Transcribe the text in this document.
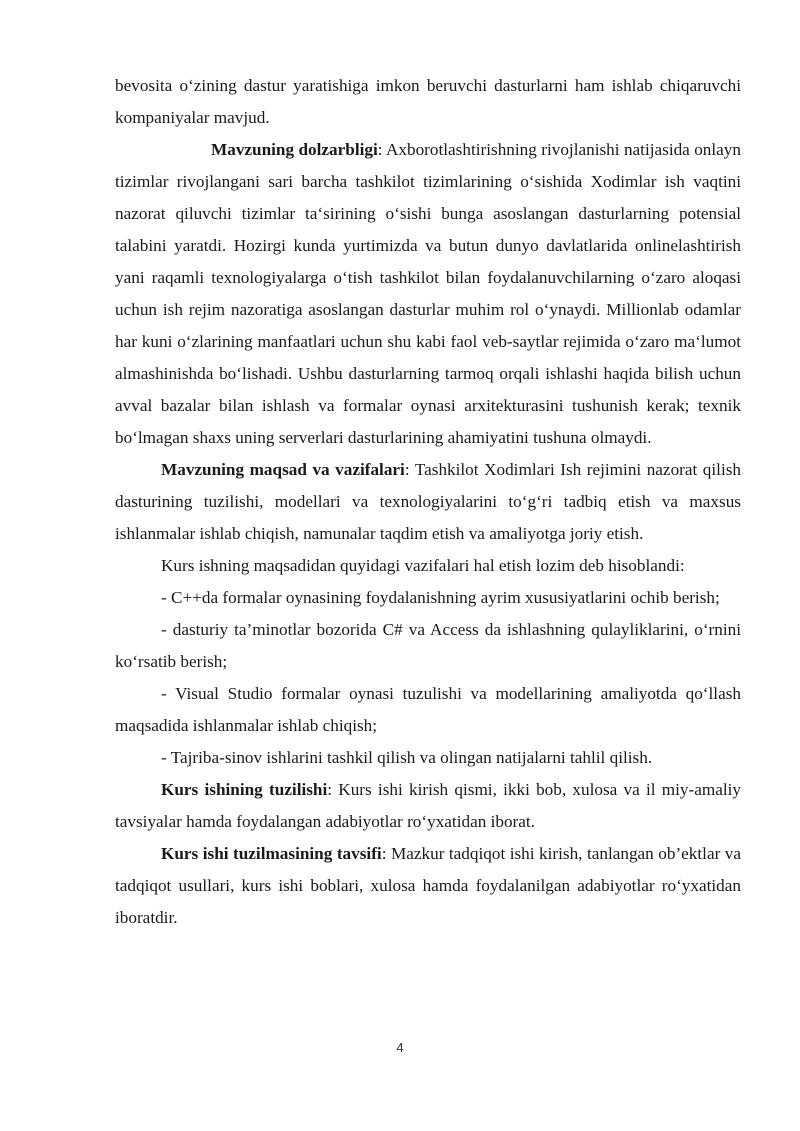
bevosita o‘zining dastur yaratishiga imkon beruvchi dasturlarni ham ishlab chiqaruvchi kompaniyalar mavjud.

Mavzuning dolzarbligi: Axborotlashtirishning rivojlanishi natijasida onlayn tizimlar rivojlangani sari barcha tashkilot tizimlarining o‘sishida Xodimlar ish vaqtini nazorat qiluvchi tizimlar ta‘sirining o‘sishi bunga asoslangan dasturlarning potensial talabini yaratdi. Hozirgi kunda yurtimizda va butun dunyo davlatlarida onlinelashtirish yani raqamli texnologiyalarga o‘tish tashkilot bilan foydalanuvchilarning o‘zaro aloqasi uchun ish rejim nazoratiga asoslangan dasturlar muhim rol o‘ynaydi. Millionlab odamlar har kuni o‘zlarining manfaatlari uchun shu kabi faol veb-saytlar rejimida o‘zaro ma‘lumot almashinishda bo‘lishadi. Ushbu dasturlarning tarmoq orqali ishlashi haqida bilish uchun avval bazalar bilan ishlash va formalar oynasi arxitekturasini tushunish kerak; texnik bo‘lmagan shaxs uning serverlari dasturlarining ahamiyatini tushuna olmaydi.

Mavzuning maqsad va vazifalari: Tashkilot Xodimlari Ish rejimini nazorat qilish dasturining tuzilishi, modellari va texnologiyalarini to‘g‘ri tadbiq etish va maxsus ishlanmalar ishlab chiqish, namunalar taqdim etish va amaliyotga joriy etish.

Kurs ishning maqsadidan quyidagi vazifalari hal etish lozim deb hisoblandi:

- C++da formalar oynasining foydalanishning ayrim xususiyatlarini ochib berish;

- dasturiy ta’minotlar bozorida C# va Access da ishlashning qulayliklarini, o‘rnini ko‘rsatib berish;

- Visual Studio formalar oynasi tuzulishi va modellarining amaliyotda qo‘llash maqsadida ishlanmalar ishlab chiqish;

- Tajriba-sinov ishlarini tashkil qilish va olingan natijalarni tahlil qilish.

Kurs ishining tuzilishi: Kurs ishi kirish qismi, ikki bob, xulosa va il miy-amaliy tavsiyalar hamda foydalangan adabiyotlar ro‘yxatidan iborat.

Kurs ishi tuzilmasining tavsifi: Mazkur tadqiqot ishi kirish, tanlangan ob’ektlar va tadqiqot usullari, kurs ishi boblari, xulosa hamda foydalanilgan adabiyotlar ro‘yxatidan iboratdir.

4
